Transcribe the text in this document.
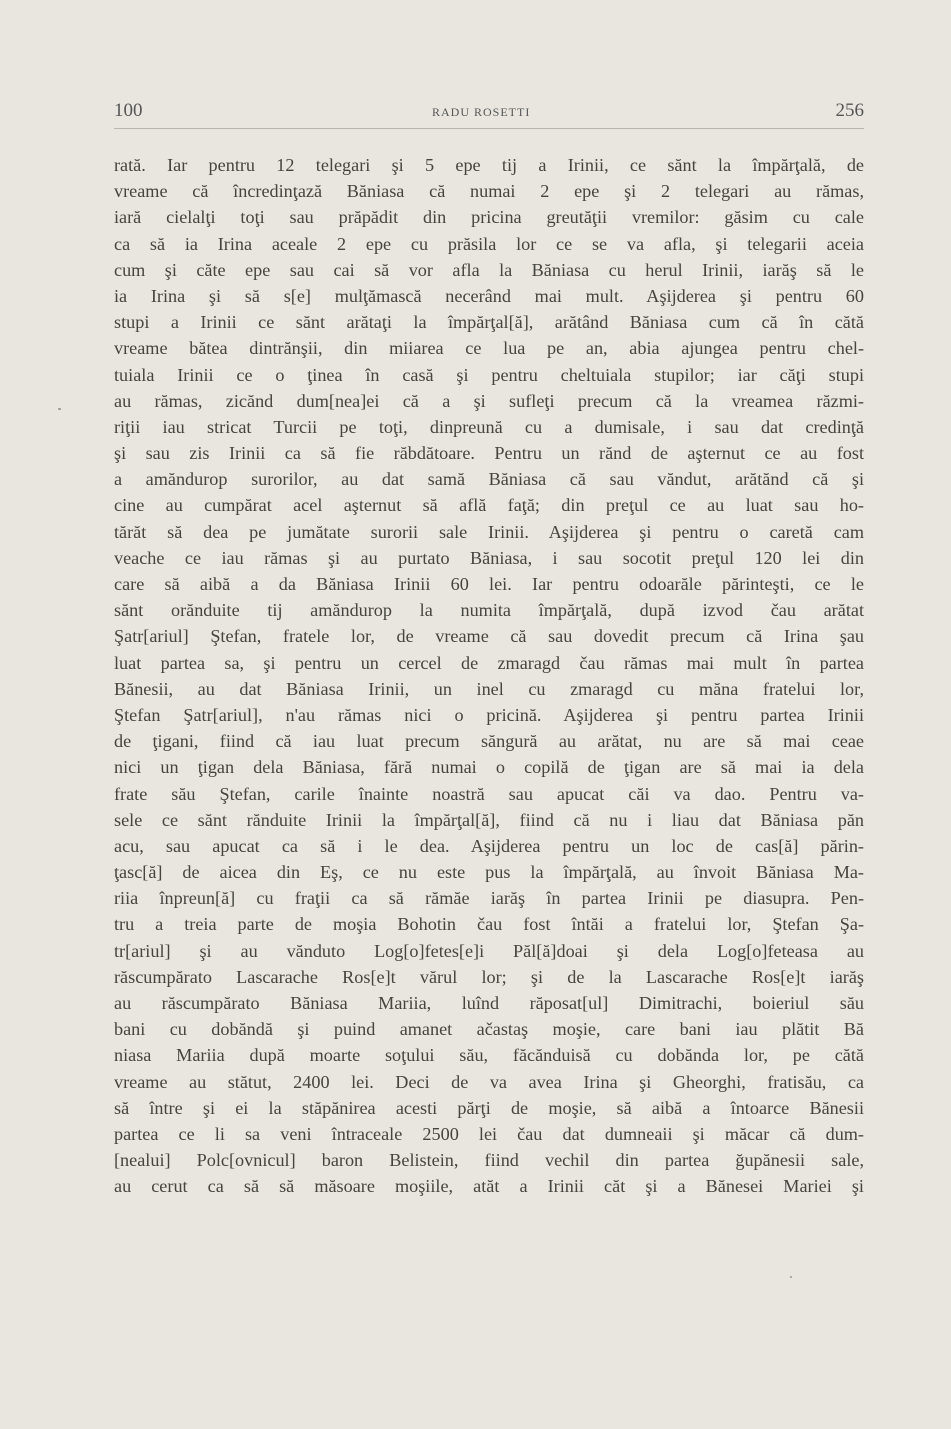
100	RADU ROSETTI	256
rată. Iar pentru 12 telegari şi 5 epe tij a Irinii, ce sănt la împărţală, de
vreame că încredinţază Băniasa că numai 2 epe şi 2 telegari au rămas,
iară cielalţi toţi sau prăpădit din pricina greutăţii vremilor: găsim cu cale
ca să ia Irina aceale 2 epe cu prăsila lor ce se va afla, şi telegarii aceia
cum şi căte epe sau cai să vor afla la Băniasa cu herul Irinii, iarăş să le
ia Irina şi să s[e] mulţămască necerând mai mult. Aşijderea şi pentru 60
stupi a Irinii ce sănt arătaţi la împărţal[ă], arătând Băniasa cum că în cătă
vreame bătea dintrănşii, din miiarea ce lua pe an, abia ajungea pentru chel-
tuiala Irinii ce o ţinea în casă şi pentru cheltuiala stupilor; iar căţi stupi
au rămas, zicănd dum[nea]ei că a şi sufleţi precum că la vreamea răzmi-
riţii iau stricat Turcii pe toţi, dinpreună cu a dumisale, i sau dat credinţă
şi sau zis Irinii ca să fie răbdătoare. Pentru un rănd de aşternut ce au fost
a amăndurор surorilor, au dat samă Băniasa că sau văndut, arătănd că şi
cine au cumpărat acel aşternut să află faţă; din preţul ce au luat sau ho-
tărăt să dea pe jumătate surorii sale Irinii. Aşijderea şi pentru o caretă cam
veache ce iau rămas şi au purtato Băniasa, i sau socotit preţul 120 lei din
care să aibă a da Băniasa Irinii 60 lei. Iar pentru odoarăle părinteşti, ce le
sănt orănduite tij amăndurор la numita împărţală, după izvod čau arătat
Şatr[ariul] Ştefan, fratele lor, de vreame că sau dovedit precum că Irina şau
luat partea sa, şi pentru un cercel de zmaragd čau rămas mai mult în partea
Bănesii, au dat Băniasa Irinii, un inel cu zmaragd cu măna fratelui lor,
Ştefan Şatr[ariul], n'au rămas nici o pricină. Aşijderea şi pentru partea Irinii
de ţigani, fiind că iau luat precum săngură au arătat, nu are să mai ceae
nici un ţigan dela Băniasa, fără numai o copilă de ţigan are să mai ia dela
frate său Ştefan, carile înainte noastră sau apucat căi va dao. Pentru va-
sele ce sănt rănduite Irinii la împărţal[ă], fiind că nu i liau dat Băniasa păn
acu, sau apucat ca să i le dea. Aşijderea pentru un loc de cas[ă] părin-
ţasc[ă] de aicea din Eş, ce nu este pus la împărţală, au învoit Băniasa Ma-
riia înpreun[ă] cu fraţii ca să rămăe iarăş în partea Irinii pe diasupra. Pen-
tru a treia parte de moşia Bohotin čau fost întăi a fratelui lor, Ştefan Şa-
tr[ariul] şi au vănduto Log[o]fetes[e]i Păl[ă]doai şi dela Log[o]feteasa au
răscumpărato Lascarache Ros[e]t vărul lor; şi de la Lascarache Ros[e]t iarăş
au răscumpărato Băniasa Mariia, luînd răposat[ul] Dimitrachi, boieriul său
bani cu dobăndă şi puind amanet ačastaş moşie, care bani iau plătit Bă
niasa Mariia după moarte soţului său, făcănduisă cu dobănda lor, pe cătă
vreame au stătut, 2400 lei. Deci de va avea Irina şi Gheorghi, fratisău, ca
să între şi ei la stăpănirea acesti părţi de moşie, să aibă a întoarce Bănesii
partea ce li sa veni întraceale 2500 lei čau dat dumneaii şi măcar că dum-
[nealui] Polc[ovnicul] baron Belistein, fiind vechil din partea ğupănesii sale,
au cerut ca să să măsoare moşiile, atăt a Irinii căt şi a Bănesei Mariei şi
